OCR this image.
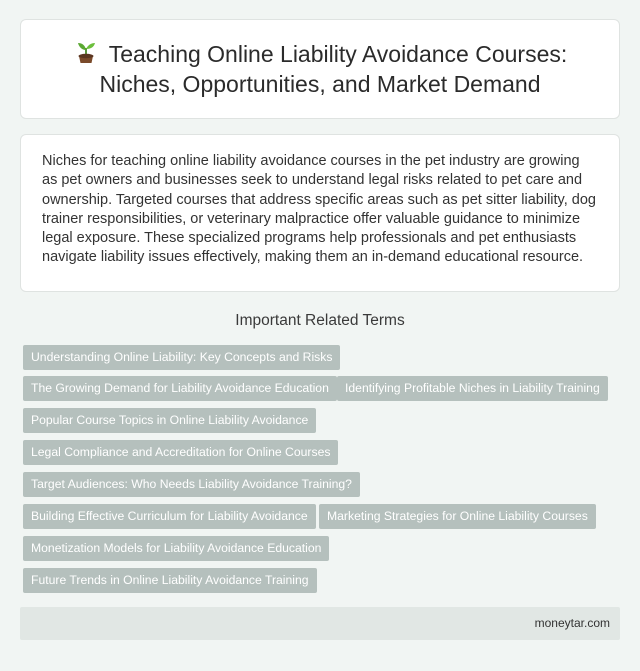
Teaching Online Liability Avoidance Courses: Niches, Opportunities, and Market Demand

Niches for teaching online liability avoidance courses in the pet industry are growing as pet owners and businesses seek to understand legal risks related to pet care and ownership. Targeted courses that address specific areas such as pet sitter liability, dog trainer responsibilities, or veterinary malpractice offer valuable guidance to minimize legal exposure. These specialized programs help professionals and pet enthusiasts navigate liability issues effectively, making them an in-demand educational resource.

Important Related Terms
Understanding Online Liability: Key Concepts and Risks
The Growing Demand for Liability Avoidance Education	Identifying Profitable Niches in Liability Training
Popular Course Topics in Online Liability Avoidance
Legal Compliance and Accreditation for Online Courses
Target Audiences: Who Needs Liability Avoidance Training?
Building Effective Curriculum for Liability Avoidance	Marketing Strategies for Online Liability Courses
Monetization Models for Liability Avoidance Education
Future Trends in Online Liability Avoidance Training
moneytar.com
